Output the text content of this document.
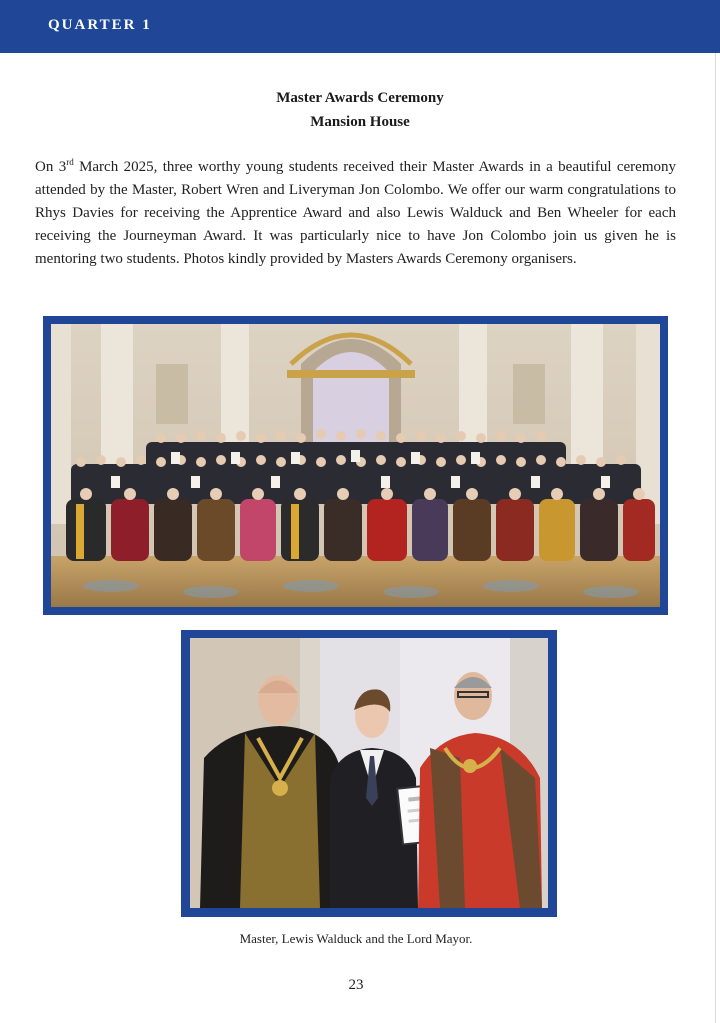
QUARTER 1
Master Awards Ceremony
Mansion House

On 3rd March 2025, three worthy young students received their Master Awards in a beautiful ceremony attended by the Master, Robert Wren and Liveryman Jon Colombo. We offer our warm congratulations to Rhys Davies for receiving the Apprentice Award and also Lewis Walduck and Ben Wheeler for each receiving the Journeyman Award. It was particularly nice to have Jon Colombo join us given he is mentoring two students. Photos kindly provided by Masters Awards Ceremony organisers.

Master, Lewis Walduck and the Lord Mayor.
23
